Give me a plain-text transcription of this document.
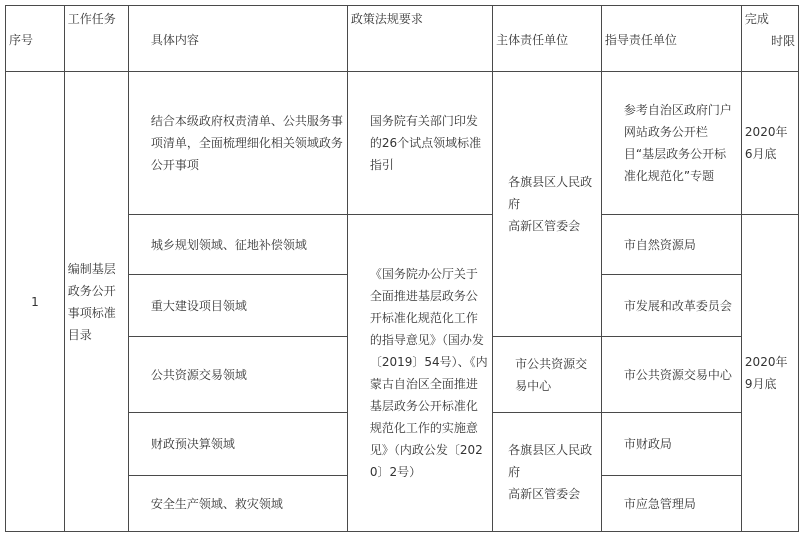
序号	工作任务	具体内容	政策法规要求	主体责任单位	指导责任单位	完成
时限

1	编制基层政务公开事项标准目录	结合本级政府权责清单、公共服务事项清单，全面梳理细化相关领域政务公开事项	国务院有关部门印发的26个试点领域标准指引	各旗县区人民政府
高新区管委会	参考自治区政府门户网站政务公开栏目“基层政务公开标准化规范化”专题	2020年6月底
		城乡规划领域、征地补偿领域	《国务院办公厅关于全面推进基层政务公开标准化规范化工作的指导意见》（国办发〔2019〕54号）、《内蒙古自治区全面推进基层政务公开标准化规范化工作的实施意见》（内政公发〔2020〕2号）		市自然资源局	2020年9月底
		重大建设项目领域			市发展和改革委员会	
		公共资源交易领域		市公共资源交易中心	市公共资源交易中心	
		财政预决算领域		各旗县区人民政府
高新区管委会	市财政局	
		安全生产领域、救灾领域			市应急管理局	
